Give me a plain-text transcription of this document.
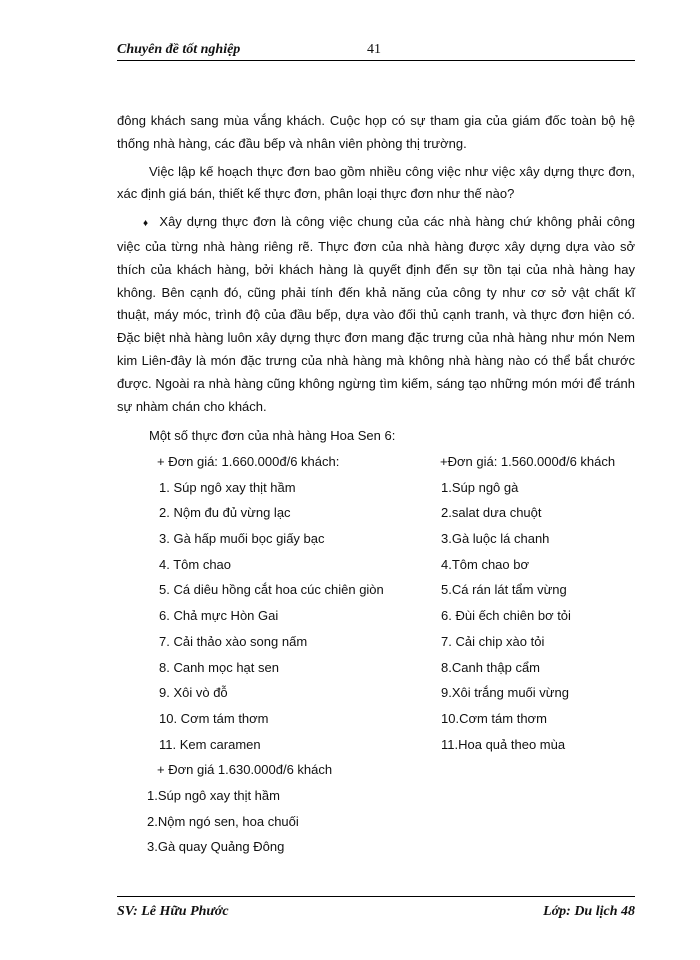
Chuyên đề tốt nghiệp	41

đông khách sang mùa vắng khách. Cuộc họp có sự tham gia của giám đốc toàn bộ hệ thống nhà hàng, các đầu bếp và nhân viên phòng thị trường.

Việc lập kế hoạch thực đơn bao gồm nhiều công việc như việc xây dựng thực đơn, xác định giá bán, thiết kế thực đơn, phân loại thực đơn như thế nào?

♦ Xây dựng thực đơn là công việc chung của các nhà hàng chứ không phải công việc của từng nhà hàng riêng rẽ. Thực đơn của nhà hàng được xây dựng dựa vào sở thích của khách hàng, bởi khách hàng là quyết định đến sự tồn tại của nhà hàng hay không. Bên cạnh đó, cũng phải tính đến khả năng của công ty như cơ sở vật chất kĩ thuật, máy móc, trình độ của đầu bếp, dựa vào đối thủ cạnh tranh, và thực đơn hiện có. Đặc biệt nhà hàng luôn xây dựng thực đơn mang đặc trưng của nhà hàng như món Nem kim Liên-đây là món đặc trưng của nhà hàng mà không nhà hàng nào có thể bắt chước được. Ngoài ra nhà hàng cũng không ngừng tìm kiếm, sáng tạo những món mới để tránh sự nhàm chán cho khách.

Một số thực đơn của nhà hàng Hoa Sen 6:
+ Đơn giá: 1.660.000đ/6 khách:	+Đơn giá: 1.560.000đ/6 khách
1. Súp ngô xay thịt hầm	1.Súp ngô gà
2. Nộm đu đủ vừng lạc	2.salat dưa chuột
3. Gà hấp muối bọc giấy bạc	3.Gà luộc lá chanh
4. Tôm chao	4.Tôm chao bơ
5. Cá diêu hồng cắt hoa cúc chiên giòn	5.Cá rán lát tẩm vừng
6. Chả mực Hòn Gai	6. Đùi ếch chiên bơ tỏi
7. Cải thảo xào song nấm	7. Cải chip xào tỏi
8. Canh mọc hạt sen	8.Canh thập cẩm
9. Xôi vò đỗ	9.Xôi trắng muối vừng
10. Cơm tám thơm	10.Cơm tám thơm
11. Kem caramen	11.Hoa quả theo mùa
+ Đơn giá 1.630.000đ/6 khách
1.Súp ngô xay thịt hầm
2.Nộm ngó sen, hoa chuối
3.Gà quay Quảng Đông
SV: Lê Hữu Phước	Lớp: Du lịch 48
